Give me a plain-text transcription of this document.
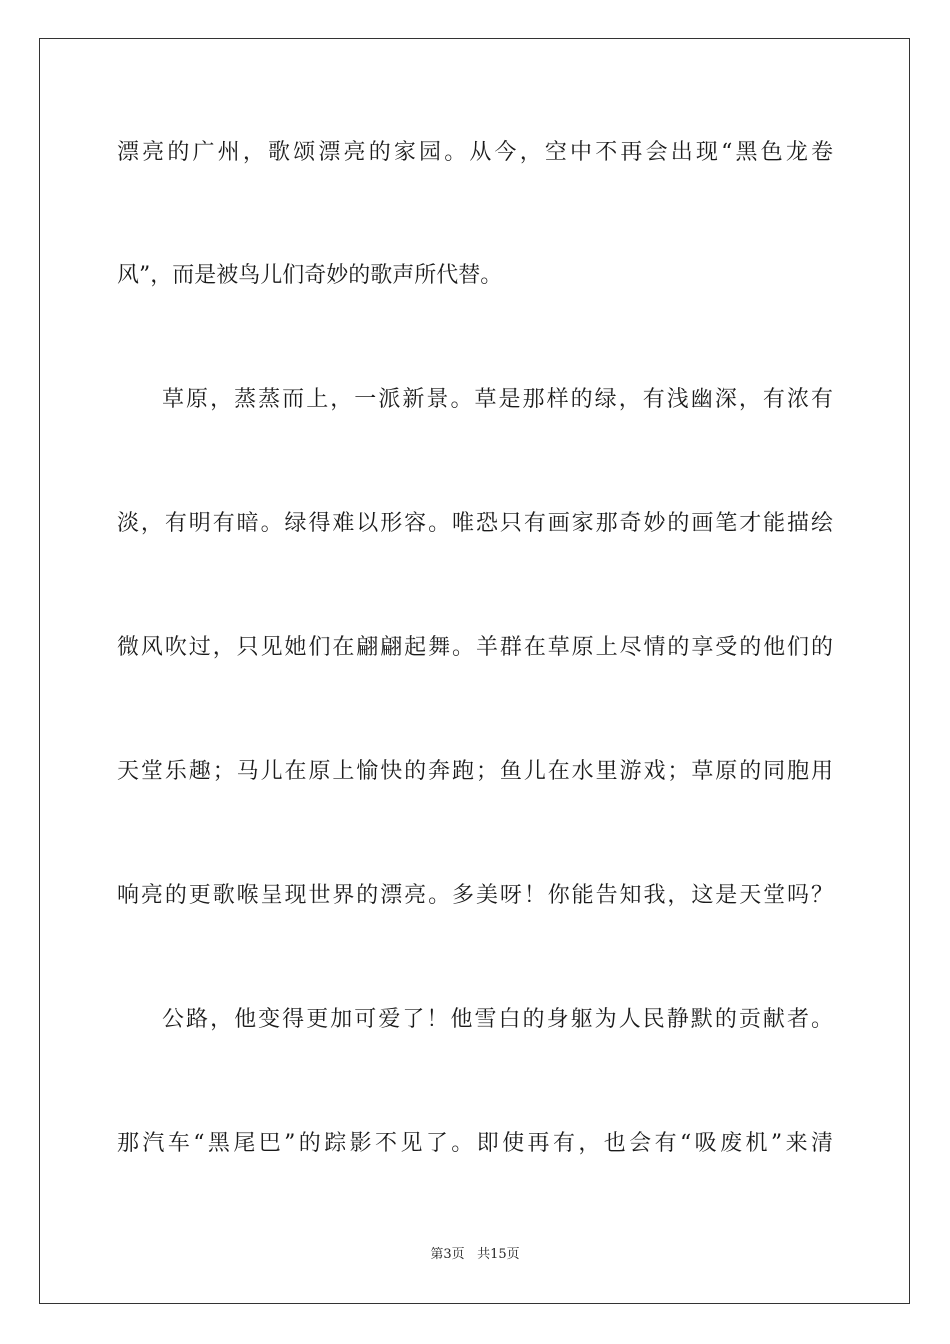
漂亮的广州，歌颂漂亮的家园。从今，空中不再会出现“黑色龙卷
风”，而是被鸟儿们奇妙的歌声所代替。
草原，蒸蒸而上，一派新景。草是那样的绿，有浅幽深，有浓有
淡，有明有暗。绿得难以形容。唯恐只有画家那奇妙的画笔才能描绘
微风吹过，只见她们在翩翩起舞。羊群在草原上尽情的享受的他们的
天堂乐趣；马儿在原上愉快的奔跑；鱼儿在水里游戏；草原的同胞用
响亮的更歌喉呈现世界的漂亮。多美呀！你能告知我，这是天堂吗？
公路，他变得更加可爱了！他雪白的身躯为人民静默的贡献者。
那汽车“黑尾巴”的踪影不见了。即使再有，也会有“吸废机”来清
第3页 共15页
